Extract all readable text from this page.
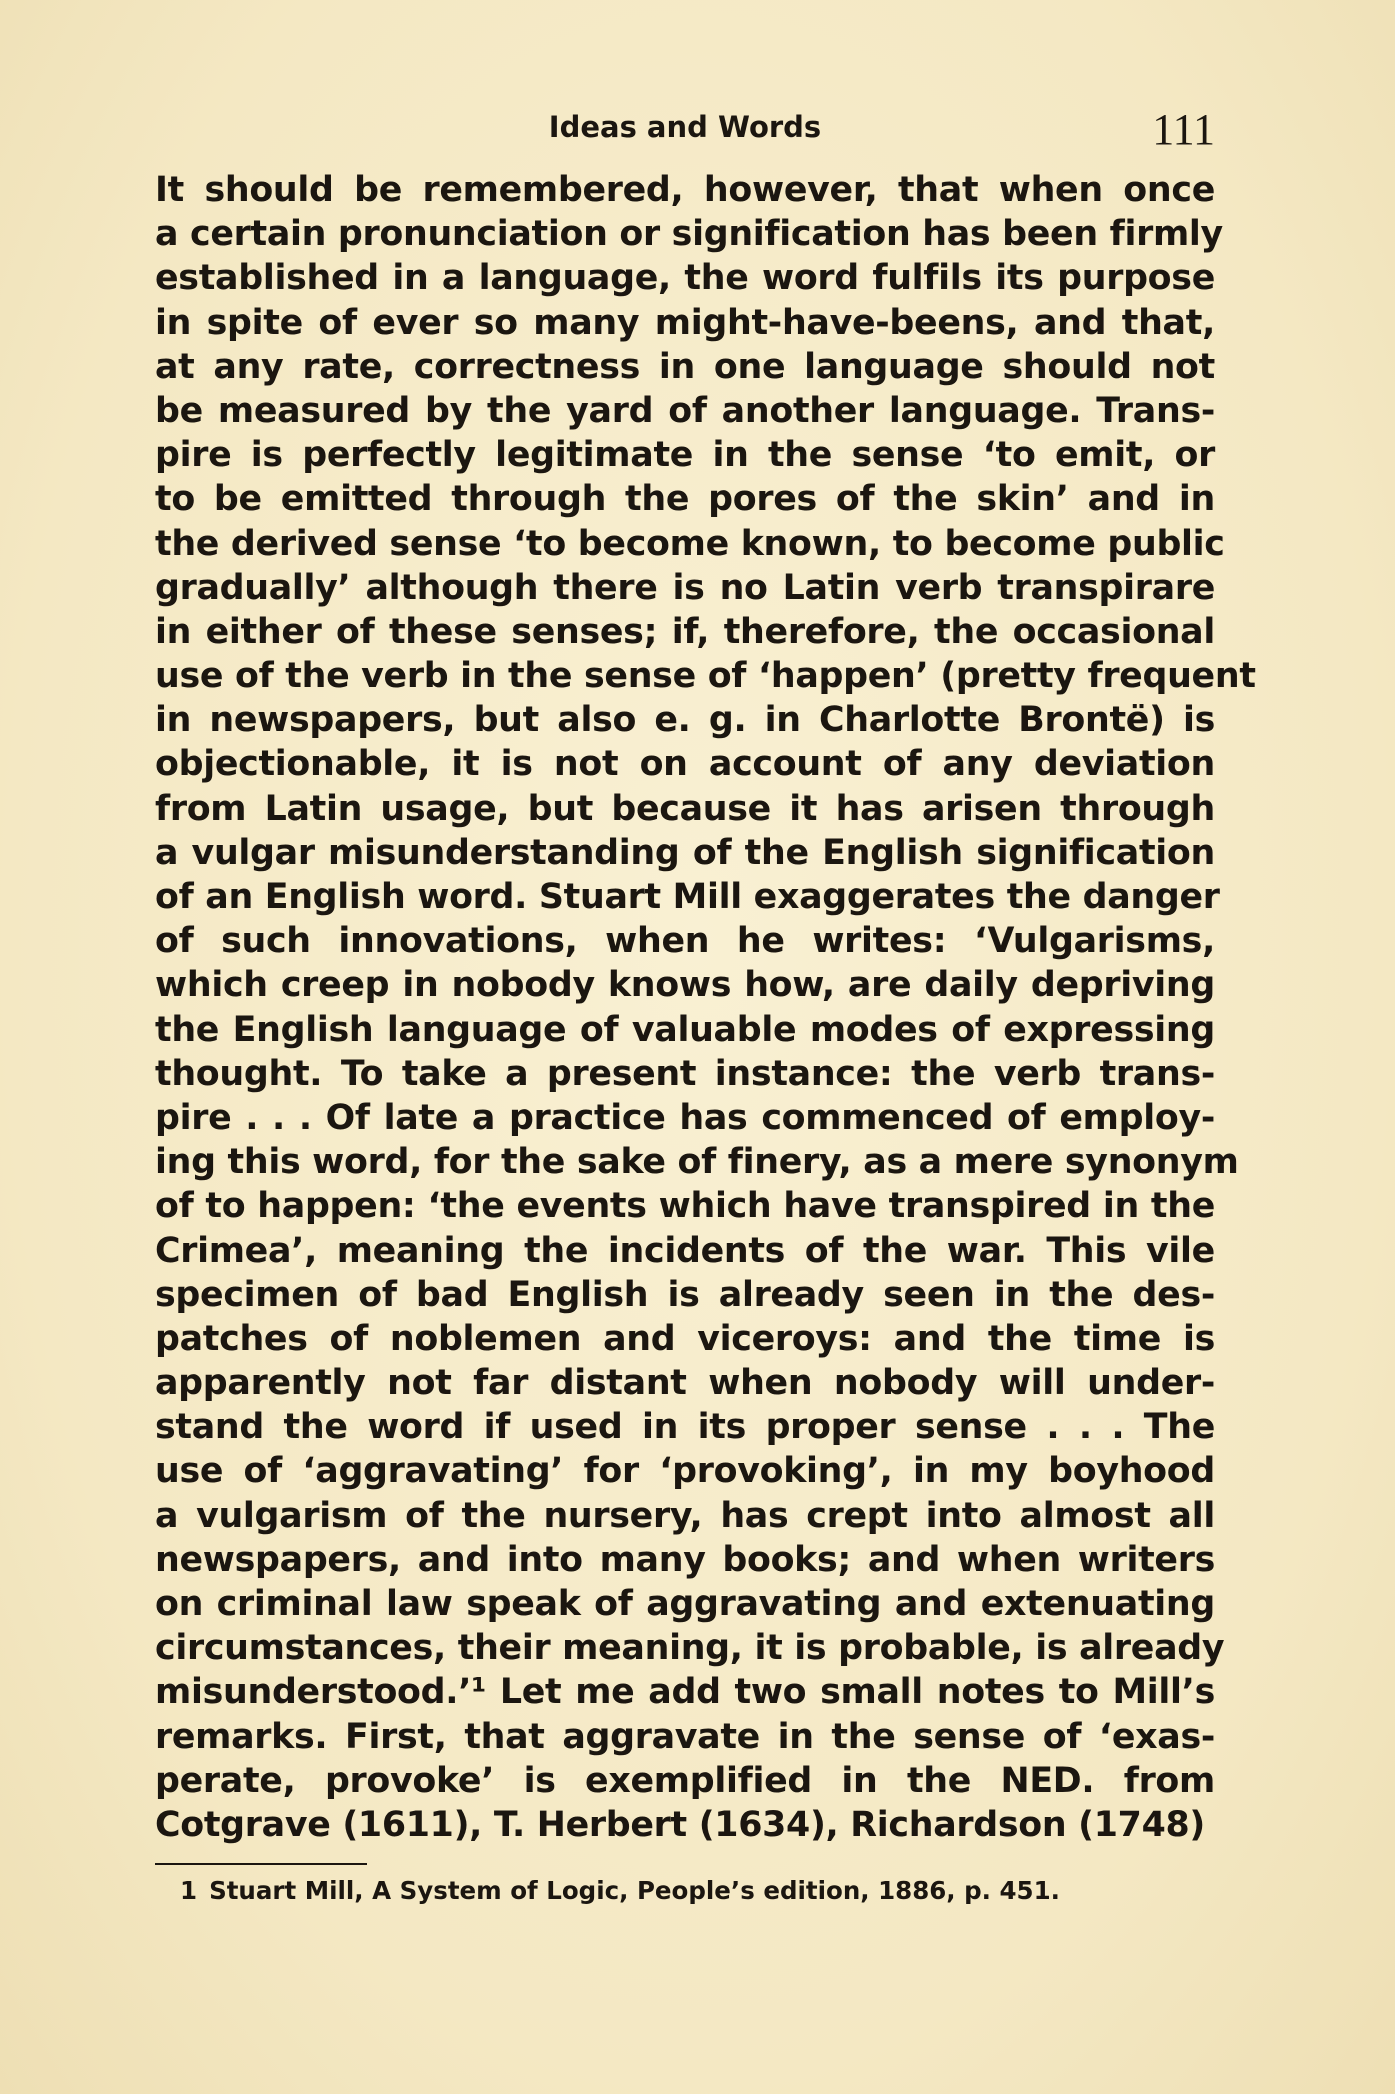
Ideas and Words	111
It should be remembered, however, that when once
a certain pronunciation or signification has been firmly
established in a language, the word fulfils its purpose
in spite of ever so many might-have-beens, and that,
at any rate, correctness in one language should not
be measured by the yard of another language. Trans-
pire is perfectly legitimate in the sense ‘to emit, or
to be emitted through the pores of the skin’ and in
the derived sense ‘to become known, to become public
gradually’ although there is no Latin verb transpirare
in either of these senses; if, therefore, the occasional
use of the verb in the sense of ‘happen’ (pretty frequent
in newspapers, but also e. g. in Charlotte Brontë) is
objectionable, it is not on account of any deviation
from Latin usage, but because it has arisen through
a vulgar misunderstanding of the English signification
of an English word. Stuart Mill exaggerates the danger
of such innovations, when he writes: ‘Vulgarisms,
which creep in nobody knows how, are daily depriving
the English language of valuable modes of expressing
thought. To take a present instance: the verb trans-
pire . . . Of late a practice has commenced of employ-
ing this word, for the sake of finery, as a mere synonym
of to happen: ‘the events which have transpired in the
Crimea’, meaning the incidents of the war. This vile
specimen of bad English is already seen in the des-
patches of noblemen and viceroys: and the time is
apparently not far distant when nobody will under-
stand the word if used in its proper sense . . . The
use of ‘aggravating’ for ‘provoking’, in my boyhood
a vulgarism of the nursery, has crept into almost all
newspapers, and into many books; and when writers
on criminal law speak of aggravating and extenuating
circumstances, their meaning, it is probable, is already
misunderstood.’¹ Let me add two small notes to Mill’s
remarks. First, that aggravate in the sense of ‘exas-
perate, provoke’ is exemplified in the NED. from
Cotgrave (1611), T. Herbert (1634), Richardson (1748)
1 Stuart Mill, A System of Logic, People’s edition, 1886, p. 451.
